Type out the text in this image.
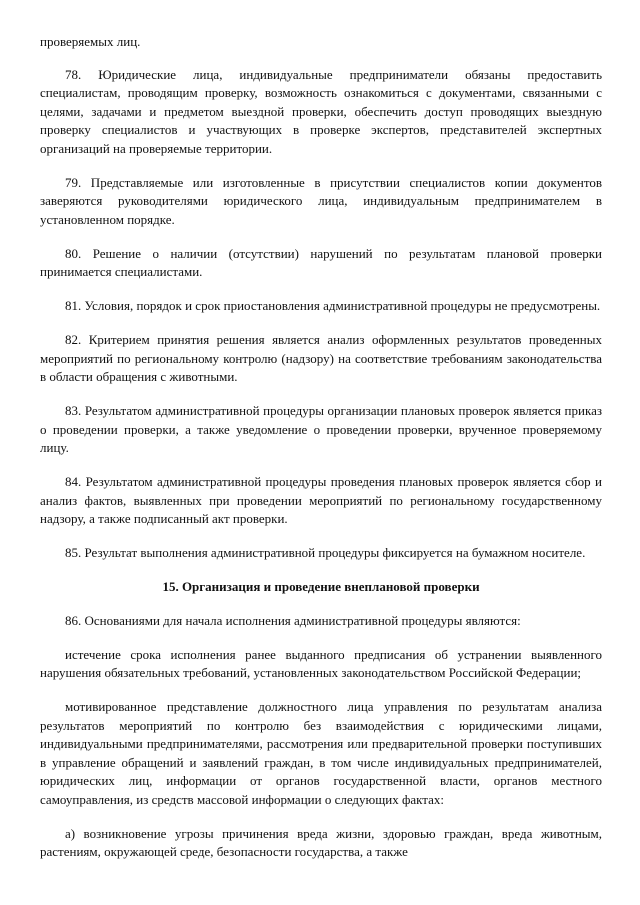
проверяемых лиц.

78. Юридические лица, индивидуальные предприниматели обязаны предоставить специалистам, проводящим проверку, возможность ознакомиться с документами, связанными с целями, задачами и предметом выездной проверки, обеспечить доступ проводящих выездную проверку специалистов и участвующих в проверке экспертов, представителей экспертных организаций на проверяемые территории.

79. Представляемые или изготовленные в присутствии специалистов копии документов заверяются руководителями юридического лица, индивидуальным предпринимателем в установленном порядке.

80. Решение о наличии (отсутствии) нарушений по результатам плановой проверки принимается специалистами.

81. Условия, порядок и срок приостановления административной процедуры не предусмотрены.

82. Критерием принятия решения является анализ оформленных результатов проведенных мероприятий по региональному контролю (надзору) на соответствие требованиям законодательства в области обращения с животными.

83. Результатом административной процедуры организации плановых проверок является приказ о проведении проверки, а также уведомление о проведении проверки, врученное проверяемому лицу.

84. Результатом административной процедуры проведения плановых проверок является сбор и анализ фактов, выявленных при проведении мероприятий по региональному государственному надзору, а также подписанный акт проверки.

85. Результат выполнения административной процедуры фиксируется на бумажном носителе.

15. Организация и проведение внеплановой проверки

86. Основаниями для начала исполнения административной процедуры являются:

истечение срока исполнения ранее выданного предписания об устранении выявленного нарушения обязательных требований, установленных законодательством Российской Федерации;

мотивированное представление должностного лица управления по результатам анализа результатов мероприятий по контролю без взаимодействия с юридическими лицами, индивидуальными предпринимателями, рассмотрения или предварительной проверки поступивших в управление обращений и заявлений граждан, в том числе индивидуальных предпринимателей, юридических лиц, информации от органов государственной власти, органов местного самоуправления, из средств массовой информации о следующих фактах:

а) возникновение угрозы причинения вреда жизни, здоровью граждан, вреда животным, растениям, окружающей среде, безопасности государства, а также
